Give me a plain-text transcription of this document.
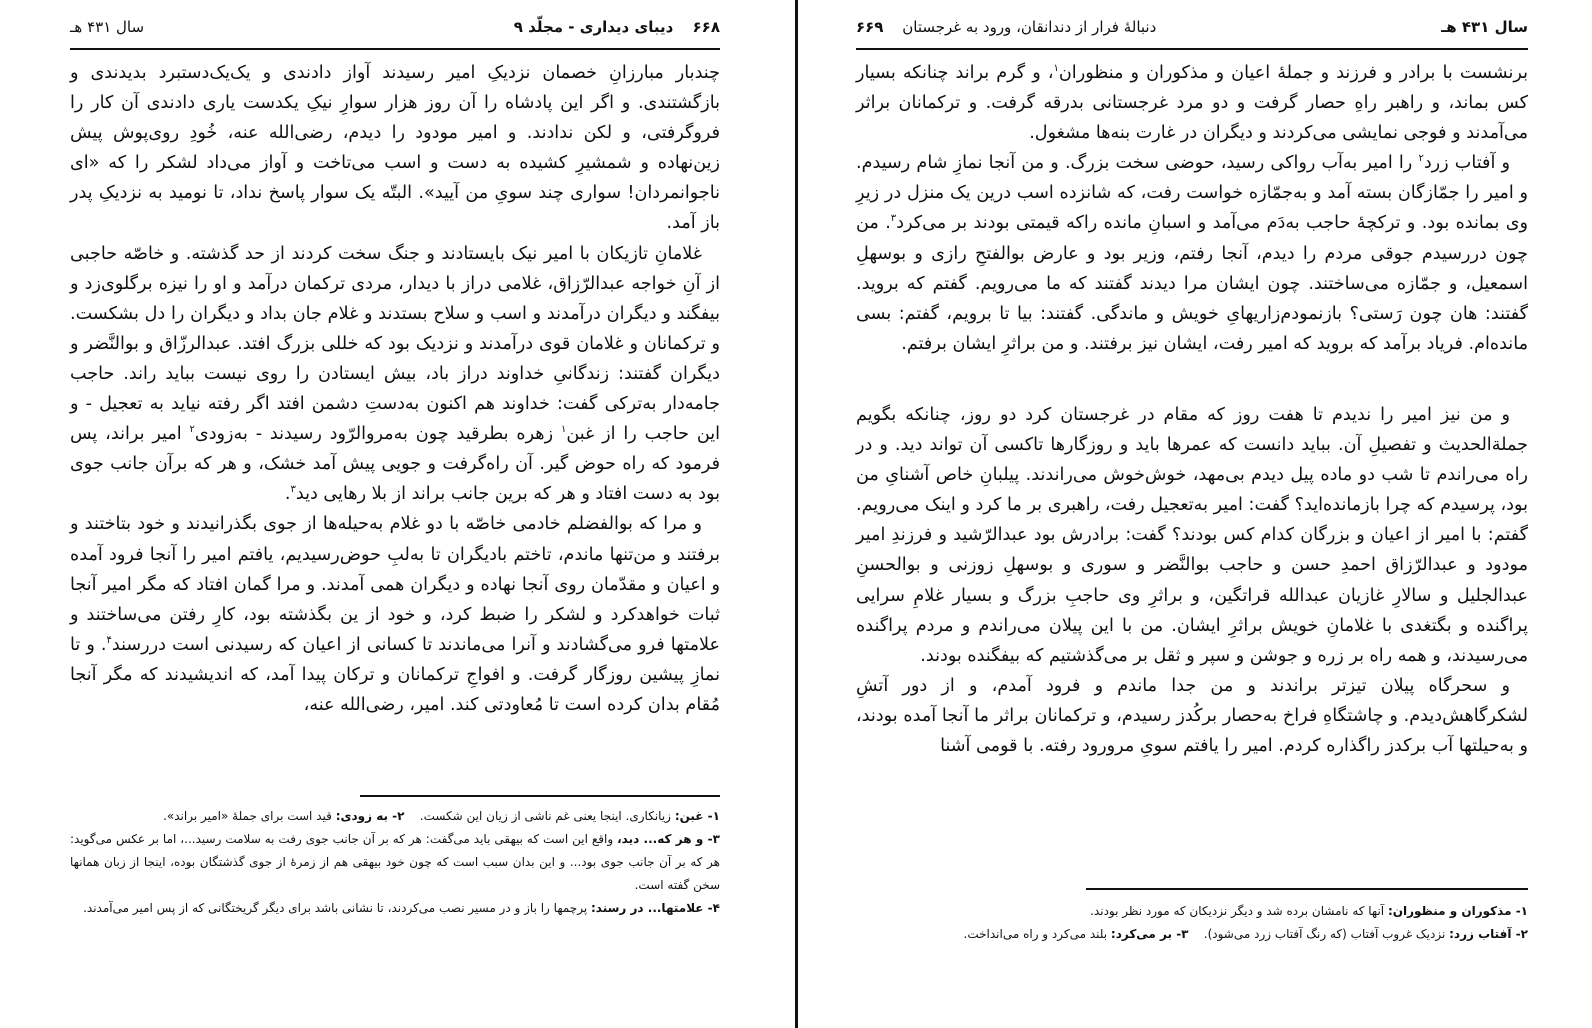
۶۶۸ دیبای دیداری - مجلّد ۹
سال ۴۳۱ هـ

چندبار مبارزانِ خصمان نزدیکِ امیر رسیدند آواز دادندی و یک‌یک‌دستبرد بدیدندی و بازگشتندی. و اگر این پادشاه را آن روز هزار سوارِ نیکِ یکدست یاری دادندی آن کار را فروگرفتی، و لکن ندادند. و امیر مودود را دیدم، رضی‌الله عنه، خُودِ روی‌پوش پیش زین‌نهاده و شمشیرِ کشیده به دست و اسب می‌تاخت و آواز می‌داد لشکر را که «ای ناجوانمردان! سواری چند سویِ من آیید». البتّه یک سوار پاسخ نداد، تا نومید به نزدیکِ پدر باز آمد.

غلامانِ تازیکان با امیر نیک بایستادند و جنگ سخت کردند از حد گذشته. و خاصّه حاجبی از آنِ خواجه عبدالرّزاق، غلامی دراز با دیدار، مردی ترکمان درآمد و او را نیزه برگلوی‌زد و بیفگند و دیگران درآمدند و اسب و سلاح بستدند و غلام جان بداد و دیگران را دل بشکست. و ترکمانان و غلامان قوی درآمدند و نزدیک بود که خللی بزرگ افتد. عبدالرزّاق و بوالنَّضر و دیگران گفتند: زندگانیِ خداوند دراز باد، بیش ایستادن را روی نیست بباید راند. حاجب جامه‌دار به‌ترکی گفت: خداوند هم اکنون به‌دستِ دشمن افتد اگر رفته نیاید به تعجیل - و این حاجب را از غبن$^۱$ زهره بطرقید چون به‌مروالرّود رسیدند - به‌زودی$^۲$ امیر براند، پس فرمود که راه حوض گیر. آن راه‌گرفت و جویی پیش آمد خشک، و هر که برآن جانب جوی بود به دست افتاد و هر که برین جانب براند از بلا رهایی دید$^۳$.

و مرا که بوالفضلم خادمی خاصّه با دو غلام به‌حیله‌ها از جوی بگذرانیدند و خود بتاختند و برفتند و من‌تنها ماندم، تاختم بادیگران تا به‌لبِ حوض‌رسیدیم، یافتم امیر را آنجا فرود آمده و اعیان و مقدّمان روی آنجا نهاده و دیگران همی آمدند. و مرا گمان افتاد که مگر امیر آنجا ثبات خواهدکرد و لشکر را ضبط کرد، و خود از ین بگذشته بود، کارِ رفتن می‌ساختند و علامتها فرو می‌گشادند و آنرا می‌ماندند تا کسانی از اعیان که رسیدنی است دررسند$^۴$. و تا نمازِ پیشین روزگار گرفت. و افواجِ ترکمانان و ترکان پیدا آمد، که اندیشیدند که مگر آنجا مُقام بدان کرده است تا مُعاودتی کند. امیر، رضی‌الله عنه،

۱- غبن: زیانکاری. اینجا یعنی غم ناشی از زیان این شکست.    ۲- به زودی: قید است برای جملهٔ «امیر براند».

۳- و هر که... دید، واقع این است که بیهقی باید می‌گفت: هر که بر آن جانب جوی رفت به سلامت رسید...، اما بر عکس می‌گوید: هر که بر آن جانب جوی بود... و این بدان سبب است که چون خود بیهقی هم از زمرهٔ از جوی گذشتگان بوده، اینجا از زبان همانها سخن گفته است.

۴- علامتها... در رسند: پرچمها را باز و در مسیر نصب می‌کردند، تا نشانی باشد برای دیگر گریختگانی که از پس امیر می‌آمدند.

سال ۴۳۱ هـ
دنبالهٔ فرار از دندانقان، ورود به غرجستان ۶۶۹

برنشست با برادر و فرزند و جملهٔ اعیان و مذکوران و منظوران$^۱$، و گرم براند چنانکه بسیار کس بماند، و راهبر راهِ حصار گرفت و دو مرد غرجستانی بدرقه گرفت. و ترکمانان براثر می‌آمدند و فوجی نمایشی می‌کردند و دیگران در غارت بنه‌ها مشغول.

و آفتاب زرد$^۲$ را امیر به‌آب رواکی رسید، حوضی سخت بزرگ. و من آنجا نمازِ شام رسیدم. و امیر را جمّازگان بسته آمد و به‌جمّازه خواست رفت، که شانزده اسب درین یک منزل در زیرِ وی بمانده بود. و ترکچهٔ حاجب به‌دَم می‌آمد و اسبانِ مانده راکه قیمتی بودند بر می‌کرد$^۳$. من چون دررسیدم جوقی مردم را دیدم، آنجا رفتم، وزیر بود و عارض بوالفتحِ رازی و بوسهلِ اسمعیل، و جمّازه می‌ساختند. چون ایشان مرا دیدند گفتند که ما می‌رویم. گفتم که بروید. گفتند: هان چون رَستی؟ بازنمودم‌زاریهایِ خویش و ماندگی. گفتند: بیا تا برویم، گفتم: بسی مانده‌ام. فریاد برآمد که بروید که امیر رفت، ایشان نیز برفتند. و من براثرِ ایشان برفتم.

و من نیز امیر را ندیدم تا هفت روز که مقام در غرجستان کرد دو روز، چنانکه بگویم جملةالحدیث و تفصیلِ آن. بباید دانست که عمرها باید و روزگارها تاکسی آن تواند دید. و در راه می‌راندم تا شب دو ماده پیل دیدم بی‌مهد، خوش‌خوش می‌راندند. پیلبانِ خاص آشنایِ من بود، پرسیدم که چرا بازمانده‌اید؟ گفت: امیر به‌تعجیل رفت، راهبری بر ما کرد و اینک می‌رویم. گفتم: با امیر از اعیان و بزرگان کدام کس بودند؟ گفت: برادرش بود عبدالرّشید و فرزندِ امیر مودود و عبدالرّزاق احمدِ حسن و حاجب بوالنَّضر و سوری و بوسهلِ زوزنی و بوالحسنِ عبدالجلیل و سالارِ غازیان عبدالله قراتگین، و براثرِ وی حاجبِ بزرگ و بسیار غلامِ سرایی پراگنده و بگتغدی با غلامانِ خویش براثرِ ایشان. من با این پیلان می‌راندم و مردم پراگنده می‌رسیدند، و همه راه بر زره و جوشن و سپر و ثقل بر می‌گذشتیم که بیفگنده بودند.

و سحرگاه پیلان تیزتر براندند و من جدا ماندم و فرود آمدم، و از دور آتشِ لشکرگاهش‌دیدم. و چاشتگاهِ فراخ به‌حصار برکُدز رسیدم، و ترکمانان براثر ما آنجا آمده بودند، و به‌حیلتها آب برکدز راگذاره کردم. امیر را یافتم سویِ مرورود رفته. با قومی آشنا

۱- مذکوران و منظوران: آنها که نامشان برده شد و دیگر نزدیکان که مورد نظر بودند.

۲- آفتاب زرد: نزدیک غروب آفتاب (که رنگ آفتاب زرد می‌شود).    ۳- بر می‌کرد: بلند می‌کرد و راه می‌انداخت.
